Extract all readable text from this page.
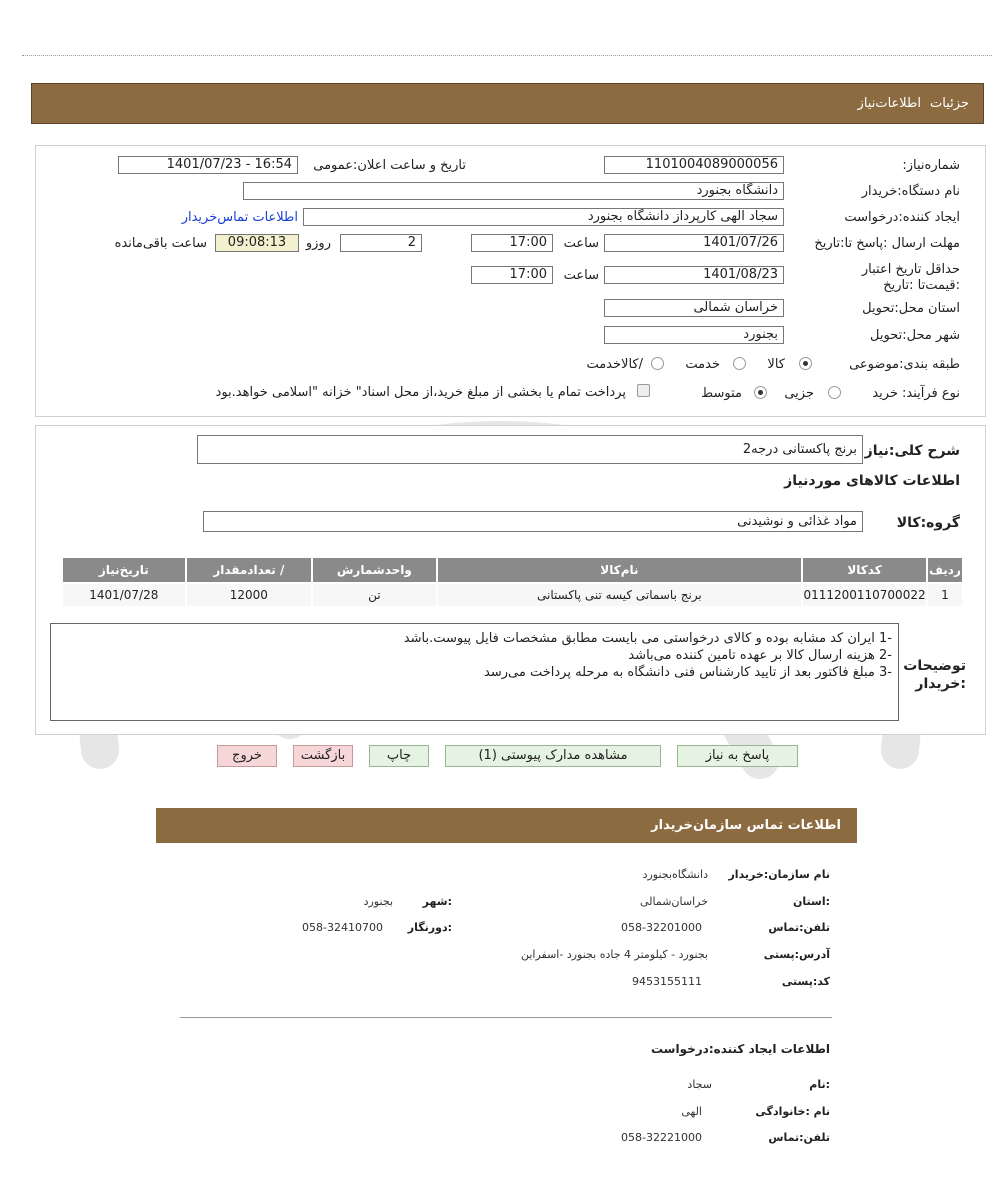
جزئیات
اطلاعات‌نیاز
شماره‌نیاز:
1101004089000056
تاریخ و ساعت اعلان:عمومی
1401/07/23 - 16:54
نام دستگاه:خریدار
دانشگاه بجنورد
ایجاد کننده:درخواست
سجاد الهی کارپرداز دانشگاه بجنورد
اطلاعات تماس‌خریدار
مهلت ارسال :پاسخ تا:تاریخ
1401/07/26
ساعت
17:00
2
روزو
09:08:13
ساعت باقی‌مانده
حداقل تاریخ اعتبار :قیمت‌تا :تاریخ
1401/08/23
ساعت
17:00
استان محل:تحویل
خراسان شمالی
شهر محل:تحویل
بجنورد
طبقه بندی:موضوعی
کالا
خدمت
/کالاخدمت
نوع فرآیند:
خرید
جزیی
متوسط
پرداخت تمام یا بخشی از مبلغ خرید،از محل اسناد" خزانه "اسلامی خواهد.بود
شرح کلی:نیاز
برنج پاکستانی درجه2
اطلاعات کالاهای موردنیاز
گروه:کالا
مواد غذائی و نوشیدنی
ردیف	کدکالا	نام‌کالا	واحدشمارش	/ تعدادمقدار	تاریخ‌نیاز
1	0111200110700022	برنج باسماتی کیسه تنی پاکستانی	تن	12000	1401/07/28
توضیحات :خریدار
-1 ایران کد مشابه بوده و کالای درخواستی می بایست مطابق مشخصات فایل پیوست.باشد
-2 هزینه ارسال کالا بر عهده تامین کننده می‌باشد
-3 مبلغ فاکتور بعد از تایید کارشناس فنی دانشگاه به مرحله پرداخت می‌رسد
پاسخ به نیاز
مشاهده مدارک پیوستی (1)
چاپ
بازگشت
خروج
اطلاعات تماس سازمان‌خریدار
نام سازمان:خریدار
دانشگاه‌بجنورد
:استان
خراسان‌شمالی
:شهر
بجنورد
تلفن:تماس
058-32201000
:دورنگار
058-32410700
آدرس:پستی
بجنورد - کیلومتر 4 جاده بجنورد -اسفراین
کد:پستی
9453155111
اطلاعات ایجاد کننده:درخواست
:نام
سجاد
نام :خانوادگی
الهی
تلفن:تماس
058-32221000
